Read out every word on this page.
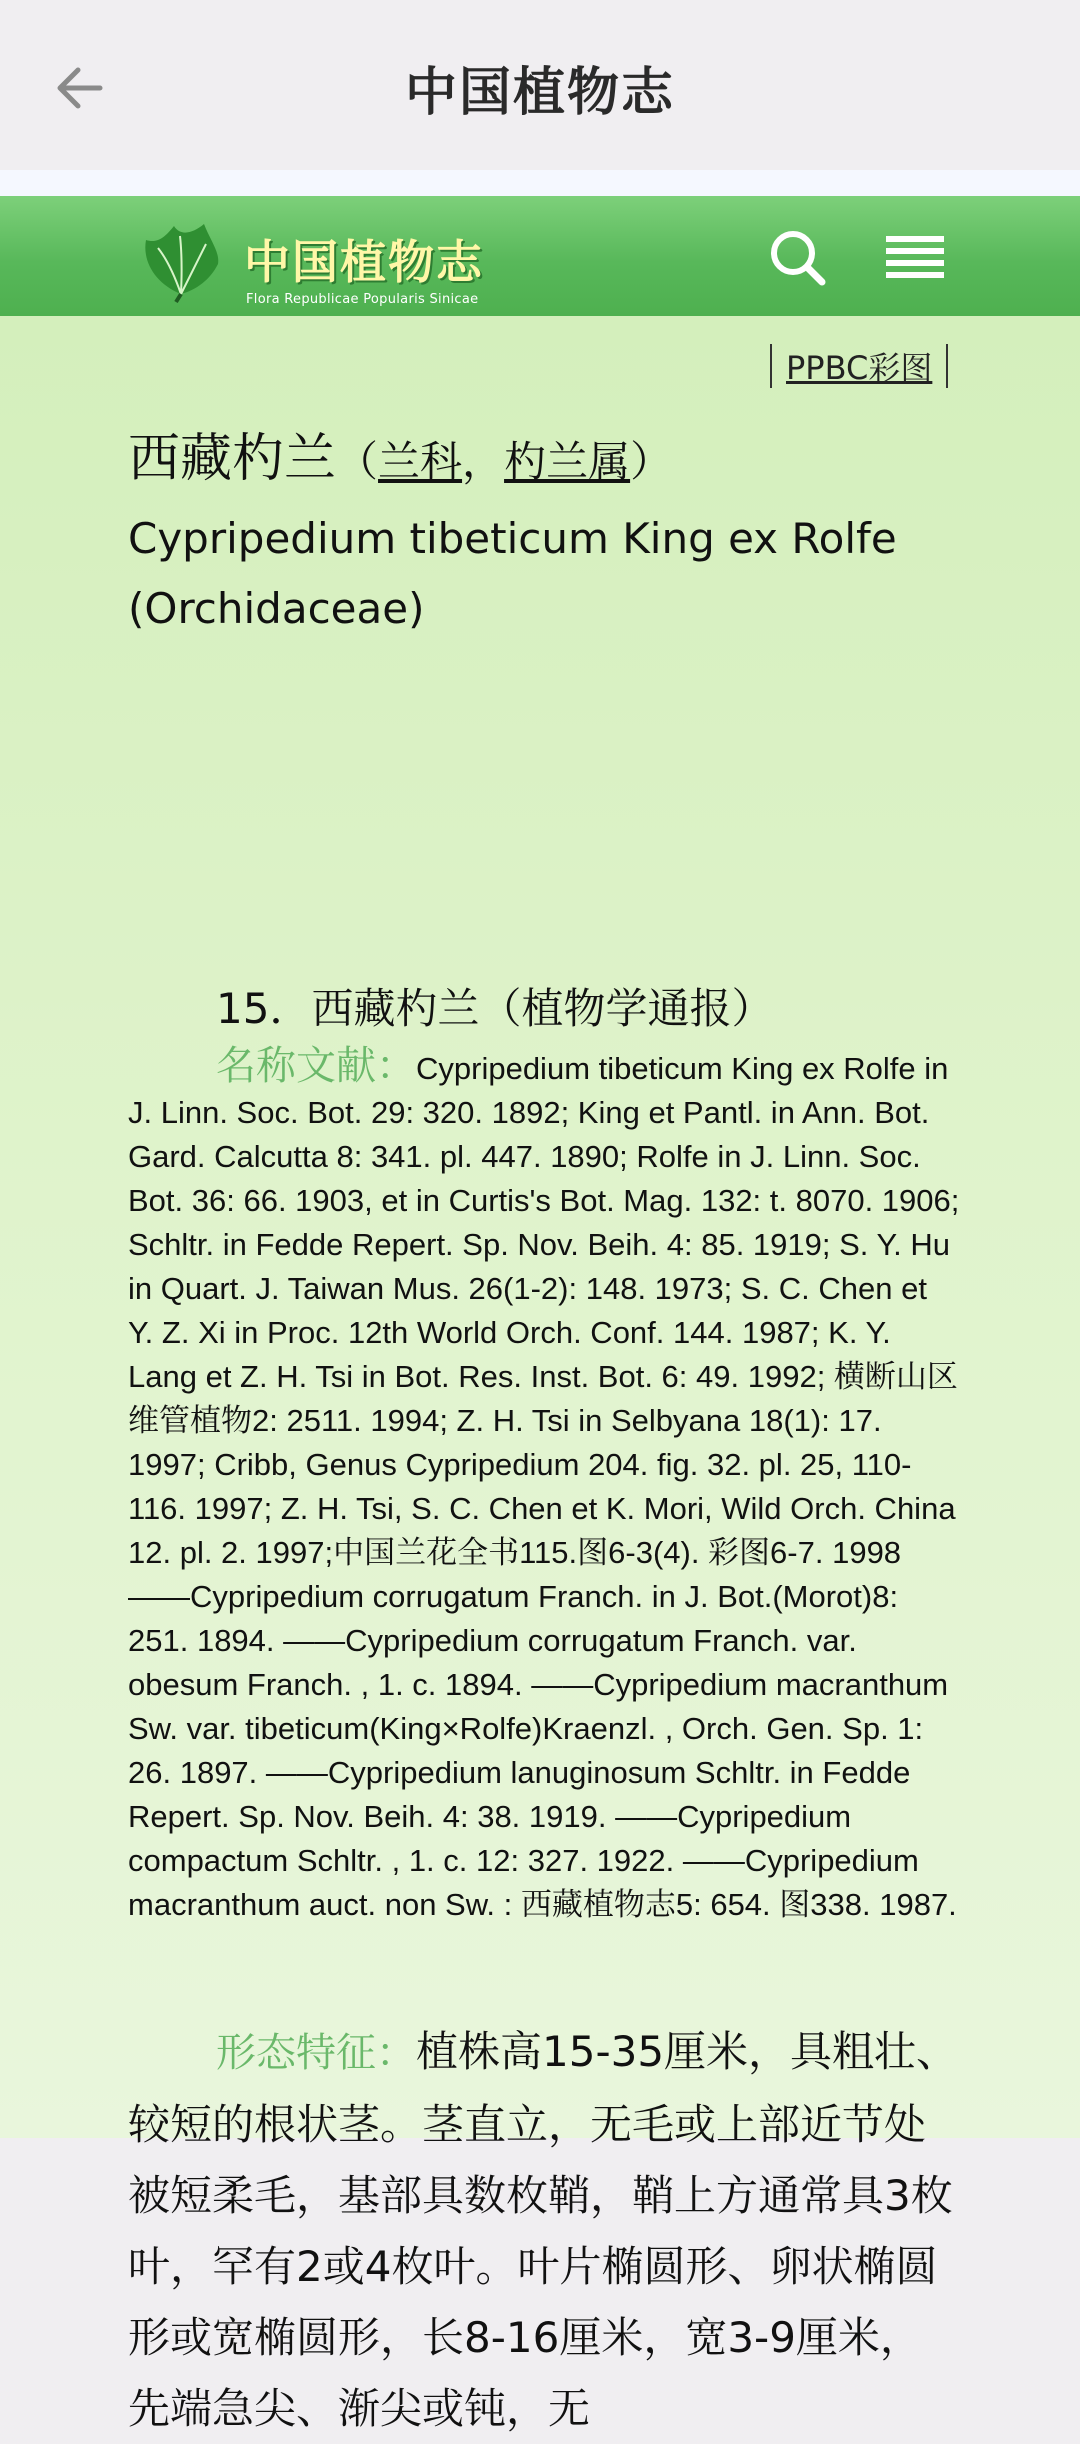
中国植物志
中国植物志
Flora Republicae Popularis Sinicae
PPBC彩图
西藏杓兰（兰科，杓兰属）
Cypripedium tibeticum King ex Rolfe (Orchidaceae)
15．西藏杓兰（植物学通报）
名称文献：Cypripedium tibeticum King ex Rolfe in J. Linn. Soc. Bot. 29: 320. 1892; King et Pantl. in Ann. Bot. Gard. Calcutta 8: 341. pl. 447. 1890; Rolfe in J. Linn. Soc. Bot. 36: 66. 1903, et in Curtis's Bot. Mag. 132: t. 8070. 1906; Schltr. in Fedde Repert. Sp. Nov. Beih. 4: 85. 1919; S. Y. Hu in Quart. J. Taiwan Mus. 26(1-2): 148. 1973; S. C. Chen et Y. Z. Xi in Proc. 12th World Orch. Conf. 144. 1987; K. Y. Lang et Z. H. Tsi in Bot. Res. Inst. Bot. 6: 49. 1992; 横断山区维管植物2: 2511. 1994; Z. H. Tsi in Selbyana 18(1): 17. 1997; Cribb, Genus Cypripedium 204. fig. 32. pl. 25, 110-116. 1997; Z. H. Tsi, S. C. Chen et K. Mori, Wild Orch. China 12. pl. 2. 1997;中国兰花全书115.图6-3(4). 彩图6-7. 1998——Cypripedium corrugatum Franch. in J. Bot.(Morot)8: 251. 1894. ——Cypripedium corrugatum Franch. var. obesum Franch. , 1. c. 1894. ——Cypripedium macranthum Sw. var. tibeticum(King×Rolfe)Kraenzl. , Orch. Gen. Sp. 1: 26. 1897. ——Cypripedium lanuginosum Schltr. in Fedde Repert. Sp. Nov. Beih. 4: 38. 1919. ——Cypripedium compactum Schltr. , 1. c. 12: 327. 1922. ——Cypripedium macranthum auct. non Sw. : 西藏植物志5: 654. 图338. 1987.
形态特征：植株高15-35厘米，具粗壮、较短的根状茎。茎直立，无毛或上部近节处被短柔毛，基部具数枚鞘，鞘上方通常具3枚叶，罕有2或4枚叶。叶片椭圆形、卵状椭圆形或宽椭圆形，长8-16厘米，宽3-9厘米，先端急尖、渐尖或钝，无
